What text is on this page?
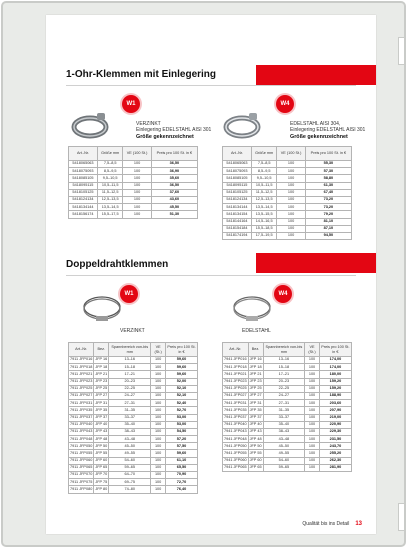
1-Ohr-Klemmen mit Einlegering
W1
VERZINKT
Einlegering EDELSTAHL AISI 301
Größe gekennzeichnet
Art.-Nr.	Größe mm	VE (100 St.)	Preis pro 100 St. in €
5418065063	7,5–8,5	100	36,50
5418075093	8,5–9,5	100	36,90
5418085105	9,5–10,5	100	35,60
5418095115	10,5–11,5	100	36,50
5418105125	11,5–12,5	100	37,60
5418124134	12,5–13,5	100	43,60
5418134144	13,5–14,5	100	45,50
5418156174	15,5–17,5	100	51,30
W4
EDELSTAHL AISI 304,
Einlegering EDELSTAHL AISI 301
Größe gekennzeichnet
Art.-Nr.	Größe mm	VE (100 St.)	Preis pro 100 St. in €
5418065063	7,5–8,5	100	55,30
5418075093	8,5–9,5	100	57,30
5418085105	9,5–10,5	100	58,80
5418095115	10,5–11,5	100	61,30
5418105125	11,5–12,5	100	67,40
5418124134	12,5–13,5	100	73,20
5418134144	13,5–14,5	100	73,20
5418134154	13,5–15,5	100	79,20
5418144164	14,5–16,5	100	81,10
5418154184	15,5–18,5	100	87,10
5418174194	17,5–19,5	100	94,50
Doppeldrahtklemmen
W1
VERZINKT
Art.-Nr.	Bez.	Spannbereich von-bis mm	VE (St.)	Preis pro 100 St. in €
7911 JFP016	JFP 16	13–16	100	59,60
7911 JFP018	JFP 18	15–18	100	59,60
7911 JFP021	JFP 21	17–21	100	59,60
7911 JFP023	JFP 23	20–23	100	52,00
7911 JFP025	JFP 25	22–25	100	52,10
7911 JFP027	JFP 27	24–27	100	52,10
7911 JFP031	JFP 31	27–31	100	52,40
7911 JFP035	JFP 35	31–35	100	52,70
7911 JFP037	JFP 37	33–37	100	53,00
7911 JFP040	JFP 40	35–40	100	53,00
7911 JFP043	JFP 43	38–43	100	54,50
7911 JFP048	JFP 48	43–48	100	57,20
7911 JFP050	JFP 50	45–50	100	57,50
7911 JFP055	JFP 55	49–55	100	59,60
7911 JFP060	JFP 60	54–60	100	61,10
7911 JFP065	JFP 65	59–65	100	65,50
7911 JFP070	JFP 70	64–70	100	70,90
7911 JFP075	JFP 75	69–75	100	72,70
7911 JFP080	JFP 80	74–80	100	76,40
W4
EDELSTAHL
Art.-Nr.	Bez.	Spannbereich von-bis mm	VE (St.)	Preis pro 100 St. in €
7941 JFP016	JFP 16	13–16	100	174,00
7941 JFP018	JFP 18	15–18	100	174,00
7941 JFP021	JFP 21	17–21	100	180,00
7941 JFP023	JFP 23	20–23	100	159,20
7941 JFP025	JFP 25	22–25	100	159,20
7941 JFP027	JFP 27	24–27	100	188,90
7941 JFP031	JFP 31	27–31	100	203,60
7941 JFP035	JFP 35	31–35	100	207,90
7941 JFP037	JFP 37	33–37	100	219,00
7941 JFP040	JFP 40	35–40	100	220,90
7941 JFP043	JFP 43	38–43	100	229,30
7941 JFP048	JFP 48	43–48	100	231,50
7941 JFP050	JFP 50	45–50	100	243,70
7941 JFP055	JFP 55	49–55	100	255,20
7941 JFP060	JFP 60	54–60	100	262,30
7941 JFP065	JFP 65	59–65	100	281,90
Qualität bis ins Detail 13
